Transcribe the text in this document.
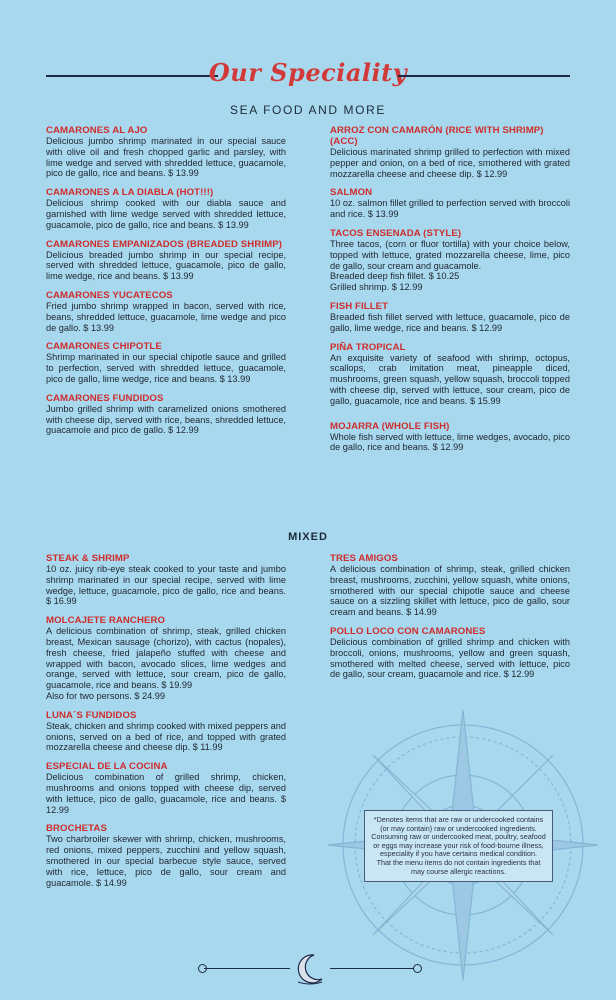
Our Speciality
SEA FOOD AND MORE
CAMARONES AL AJO
Delicious jumbo shrimp marinated in our special sauce with olive oil and fresh chopped garlic and parsley, with lime wedge and served with shredded lettuce, guacamole, pico de gallo, rice and beans. $ 13.99
CAMARONES A LA DIABLA (HOT!!!)
Delicious shrimp cooked with our diabla sauce and garnished with lime wedge served with shredded lettuce, guacamole, pico de gallo, rice and beans. $ 13.99
CAMARONES EMPANIZADOS (BREADED SHRIMP)
Delicious breaded jumbo shrimp in our special recipe, served with shredded lettuce, guacamole, pico de gallo, lime wedge, rice and beans. $ 13.99
CAMARONES YUCATECOS
Fried jumbo shrimp wrapped in bacon, served with rice, beans, shredded lettuce, guacamole, lime wedge and pico de gallo. $ 13.99
CAMARONES CHIPOTLE
Shrimp marinated in our special chipotle sauce and grilled to perfection, served with shredded lettuce, guacamole, pico de gallo, lime wedge, rice and beans. $ 13.99
CAMARONES FUNDIDOS
Jumbo grilled shrimp with caramelized onions smothered with cheese dip, served with rice, beans, shredded lettuce, guacamole and pico de gallo. $ 12.99
ARROZ CON CAMARÓN (RICE WITH SHRIMP) (ACC)
Delicious marinated shrimp grilled to perfection with mixed pepper and onion, on a bed of rice, smothered with grated mozzarella cheese and cheese dip. $ 12.99
SALMON
10 oz. salmon fillet grilled to perfection served with broccoli and rice. $ 13.99
TACOS ENSENADA (STYLE)
Three tacos, (corn or fluor tortilla) with your choice below, topped with lettuce, grated mozzarella cheese, lime, pico de gallo, sour cream and guacamole.
Breaded deep fish fillet. $ 10.25
Grilled shrimp. $ 12.99
FISH FILLET
Breaded fish fillet served with lettuce, guacamole, pico de gallo, lime wedge, rice and beans. $ 12.99
PIÑA TROPICAL
An exquisite variety of seafood with shrimp, octopus, scallops, crab imitation meat, pineapple diced, mushrooms, green squash, yellow squash, broccoli topped with cheese dip, served with lettuce, sour cream, pico de gallo, guacamole, rice and beans. $ 15.99
MOJARRA (WHOLE FISH)
Whole fish served with lettuce, lime wedges, avocado, pico de gallo, rice and beans. $ 12.99
MIXED
STEAK & SHRIMP
10 oz. juicy rib-eye steak cooked to your taste and jumbo shrimp marinated in our special recipe, served with lime wedge, lettuce, guacamole, pico de gallo, rice and beans. $ 16.99
MOLCAJETE RANCHERO
A delicious combination of shrimp, steak, grilled chicken breast, Mexican sausage (chorizo), with cactus (nopales), fresh cheese, fried jalapeño stuffed with cheese and wrapped with bacon, avocado slices, lime wedges and orange, served with lettuce, sour cream, pico de gallo, guacamole, rice and beans. $ 19.99
Also for two persons. $ 24.99
LUNA´S FUNDIDOS
Steak, chicken and shrimp cooked with mixed peppers and onions, served on a bed of rice, and topped with grated mozzarella cheese and cheese dip. $ 11.99
ESPECIAL DE LA COCINA
Delicious combination of grilled shrimp, chicken, mushrooms and onions topped with cheese dip, served with lettuce, pico de gallo, guacamole, rice and beans. $ 12.99
BROCHETAS
Two charbroiler skewer with shrimp, chicken, mushrooms, red onions, mixed peppers, zucchini and yellow squash, smothered in our special barbecue style sauce, served with rice, lettuce, pico de gallo, sour cream and guacamole. $ 14.99
TRES AMIGOS
A delicious combination of shrimp, steak, grilled chicken breast, mushrooms, zucchini, yellow squash, white onions, smothered with our special chipotle sauce and cheese sauce on a sizzling skillet with lettuce, pico de gallo, sour cream and beans. $ 14.99
POLLO LOCO CON CAMARONES
Delicious combination of grilled shrimp and chicken with broccoli, onions, mushrooms, yellow and green squash, smothered with melted cheese, served with lettuce, pico de gallo, sour cream, guacamole and rice. $ 12.99
*Denotes items that are raw or undercooked contains (or may contain) raw or undercooked ingredients.
Consuming raw or undercooked meat, poultry, seafood or eggs may increase your risk of food-bourne illness, especiality if you have certains medical condition.
That the menu items do not contain ingredients that may course allergic reactions.
